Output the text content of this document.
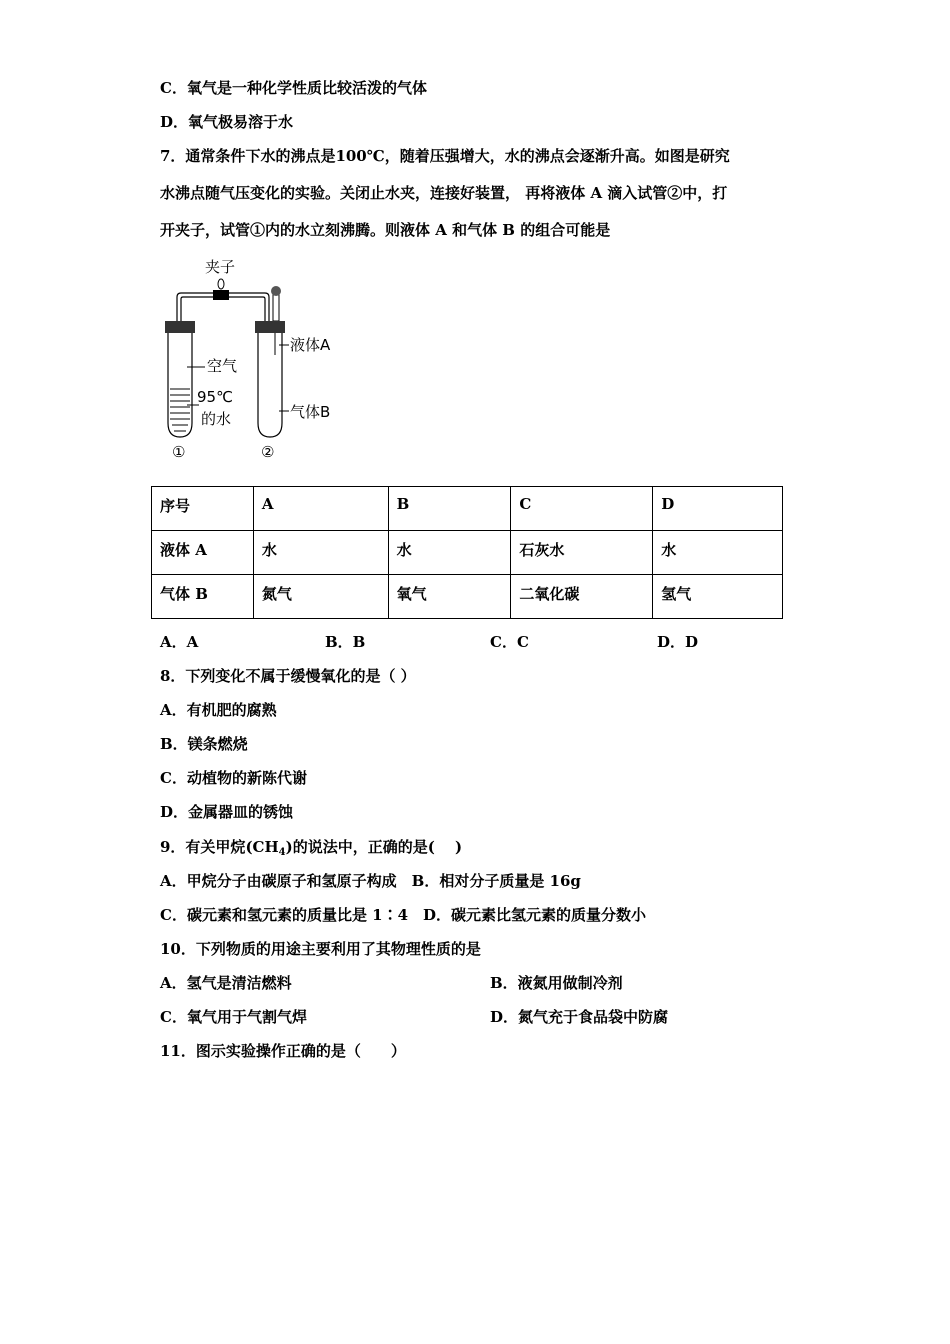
C．氧气是一种化学性质比较活泼的气体
D．氧气极易溶于水
7．通常条件下水的沸点是100℃，随着压强增大，水的沸点会逐渐升高。如图是研究
水沸点随气压变化的实验。关闭止水夹，连接好装置， 再将液体 A 滴入试管②中，打
开夹子，试管①内的水立刻沸腾。则液体 A 和气体 B 的组合可能是
夹子
空气
95℃
的水
液体A
气体B
①	②
序号	A	B	C	D
液体 A	水	水	石灰水	水
气体 B	氮气	氧气	二氧化碳	氢气
A．A	B．B	C．C	D．D
8．下列变化不属于缓慢氧化的是（ ）
A．有机肥的腐熟
B．镁条燃烧
C．动植物的新陈代谢
D．金属器皿的锈蚀
9．有关甲烷$(CH_4)$的说法中，正确的是(　 )
A．甲烷分子由碳原子和氢原子构成　B．相对分子质量是 16g
C．碳元素和氢元素的质量比是 1∶4　D．碳元素比氢元素的质量分数小
10．下列物质的用途主要利用了其物理性质的是
A．氢气是清洁燃料	B．液氮用做制冷剂
C．氧气用于气割气焊	D．氮气充于食品袋中防腐
11．图示实验操作正确的是（　　）
